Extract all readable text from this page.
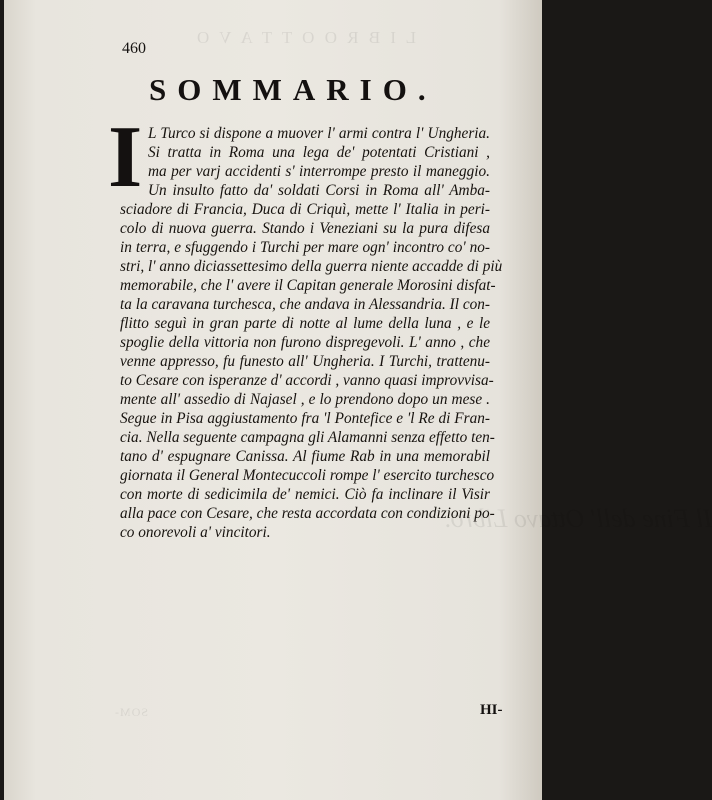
L I B R O O T T A V O
Il Fine dell' Ottavo Libro.
SOM-
460
SOMMARIO.
I L Turco si dispone a muover l' armi contra l' Ungheria.
Si tratta in Roma una lega de' potentati Cristiani ,
ma per varj accidenti s' interrompe presto il maneggio.
Un insulto fatto da' soldati Corsi in Roma all' Amba-
sciadore di Francia, Duca di Criquì, mette l' Italia in peri-
colo di nuova guerra. Stando i Veneziani su la pura difesa
in terra, e sfuggendo i Turchi per mare ogn' incontro co' no-
stri, l' anno diciassettesimo della guerra niente accadde di più
memorabile, che l' avere il Capitan generale Morosini disfat-
ta la caravana turchesca, che andava in Alessandria. Il con-
flitto seguì in gran parte di notte al lume della luna , e le
spoglie della vittoria non furono dispregevoli. L' anno , che
venne appresso, fu funesto all' Ungheria. I Turchi, trattenu-
to Cesare con isperanze d' accordi , vanno quasi improvvisa-
mente all' assedio di Najasel , e lo prendono dopo un mese .
Segue in Pisa aggiustamento fra 'l Pontefice e 'l Re di Fran-
cia. Nella seguente campagna gli Alamanni senza effetto ten-
tano d' espugnare Canissa. Al fiume Rab in una memorabil
giornata il General Montecuccoli rompe l' esercito turchesco
con morte di sedicimila de' nemici. Ciò fa inclinare il Visir
alla pace con Cesare, che resta accordata con condizioni po-
co onorevoli a' vincitori.
HI-
